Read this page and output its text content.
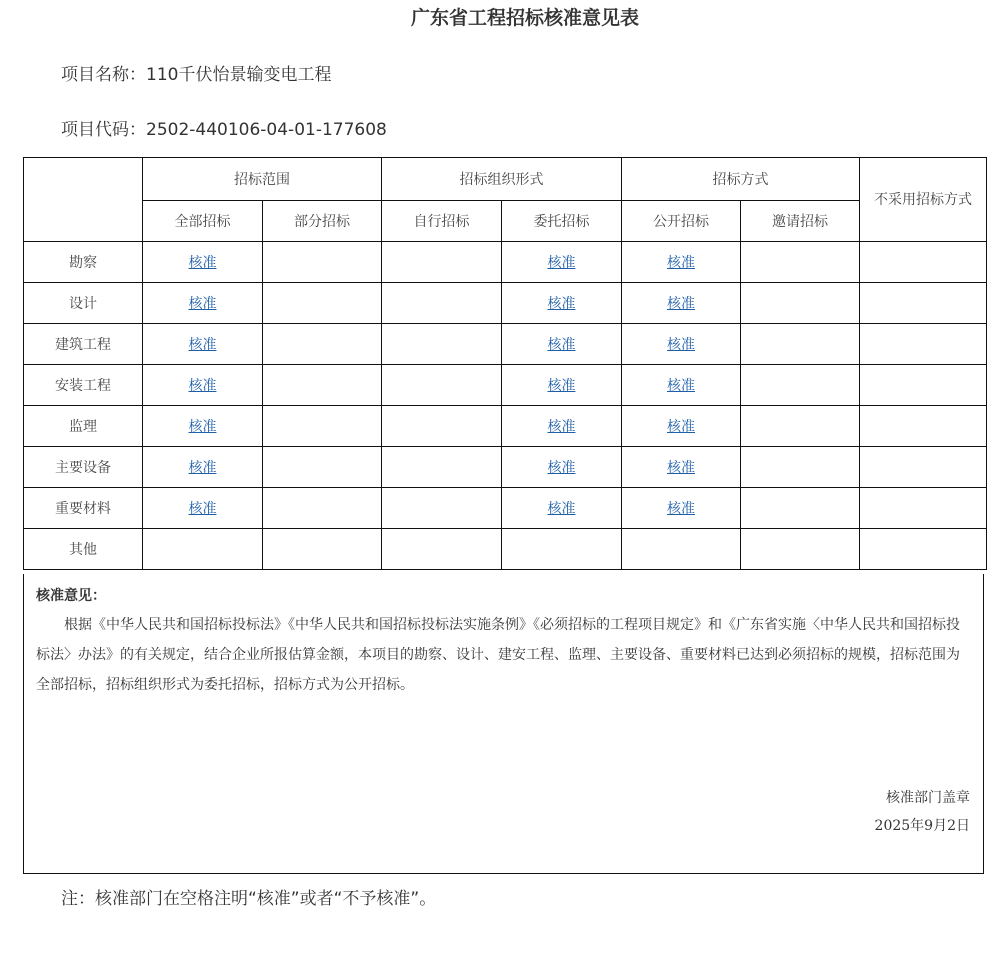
广东省工程招标核准意见表

项目名称：110千伏怡景输变电工程

项目代码：2502-440106-04-01-177608

	招标范围		招标组织形式		招标方式		不采用招标方式
	全部招标	部分招标	自行招标	委托招标	公开招标	邀请招标	
勘察	核准			核准	核准		
设计	核准			核准	核准		
建筑工程	核准			核准	核准		
安装工程	核准			核准	核准		
监理	核准			核准	核准		
主要设备	核准			核准	核准		
重要材料	核准			核准	核准		
其他							

核准意见：

根据《中华人民共和国招标投标法》《中华人民共和国招标投标法实施条例》《必须招标的工程项目规定》和《广东省实施〈中华人民共和国招标投标法〉办法》的有关规定，结合企业所报估算金额，本项目的勘察、设计、建安工程、监理、主要设备、重要材料已达到必须招标的规模，招标范围为全部招标，招标组织形式为委托招标，招标方式为公开招标。

核准部门盖章

2025年9月2日

注：核准部门在空格注明“核准”或者“不予核准”。
